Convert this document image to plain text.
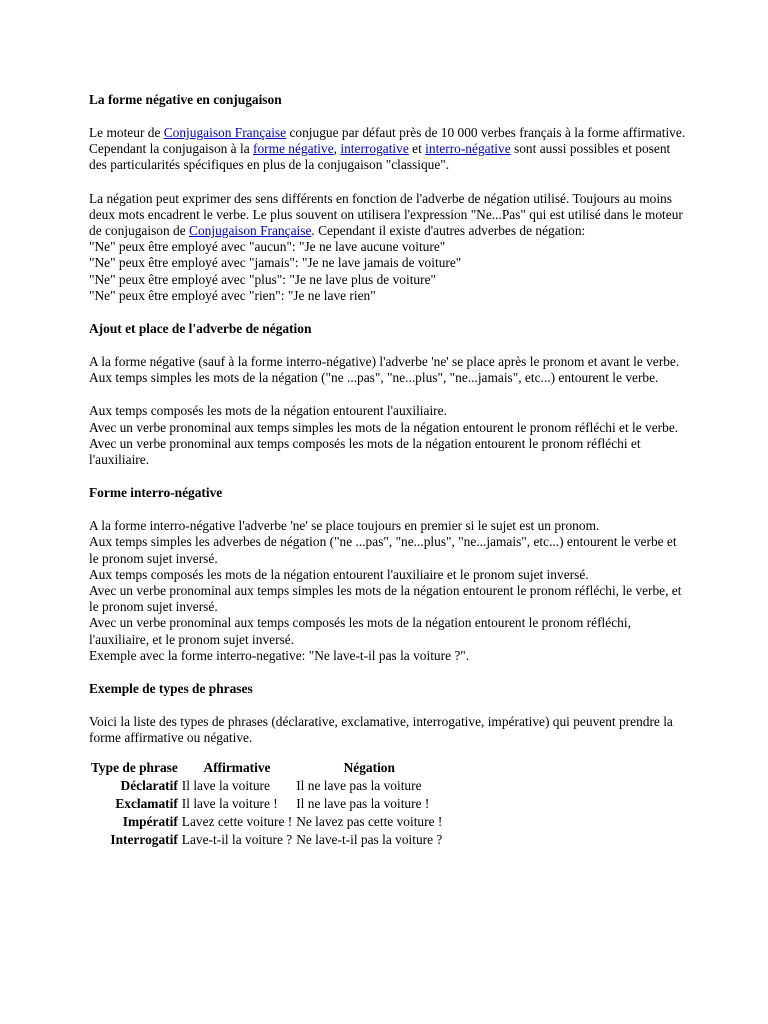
La forme négative en conjugaison

Le moteur de Conjugaison Française conjugue par défaut près de 10 000 verbes français à la forme affirmative. Cependant la conjugaison à la forme négative, interrogative et interro-négative sont aussi possibles et posent des particularités spécifiques en plus de la conjugaison "classique".

La négation peut exprimer des sens différents en fonction de l'adverbe de négation utilisé. Toujours au moins deux mots encadrent le verbe. Le plus souvent on utilisera l'expression "Ne...Pas" qui est utilisé dans le moteur de conjugaison de Conjugaison Française. Cependant il existe d'autres adverbes de négation:
"Ne" peux être employé avec "aucun": "Je ne lave aucune voiture"
"Ne" peux être employé avec "jamais": "Je ne lave jamais de voiture"
"Ne" peux être employé avec "plus": "Je ne lave plus de voiture"
"Ne" peux être employé avec "rien": "Je ne lave rien"

Ajout et place de l'adverbe de négation

A la forme négative (sauf à la forme interro-négative) l'adverbe 'ne' se place après le pronom et avant le verbe.
Aux temps simples les mots de la négation ("ne ...pas", "ne...plus", "ne...jamais", etc...) entourent le verbe.

Aux temps composés les mots de la négation entourent l'auxiliaire.
Avec un verbe pronominal aux temps simples les mots de la négation entourent le pronom réfléchi et le verbe.
Avec un verbe pronominal aux temps composés les mots de la négation entourent le pronom réfléchi et l'auxiliaire.

Forme interro-négative

A la forme interro-négative l'adverbe 'ne' se place toujours en premier si le sujet est un pronom.
Aux temps simples les adverbes de négation ("ne ...pas", "ne...plus", "ne...jamais", etc...) entourent le verbe et le pronom sujet inversé.
Aux temps composés les mots de la négation entourent l'auxiliaire et le pronom sujet inversé.
Avec un verbe pronominal aux temps simples les mots de la négation entourent le pronom réfléchi, le verbe, et le pronom sujet inversé.
Avec un verbe pronominal aux temps composés les mots de la négation entourent le pronom réfléchi, l'auxiliaire, et le pronom sujet inversé.
Exemple avec la forme interro-negative: "Ne lave-t-il pas la voiture ?".

Exemple de types de phrases

Voici la liste des types de phrases (déclarative, exclamative, interrogative, impérative) qui peuvent prendre la forme affirmative ou négative.

Type de phrase	Affirmative	Négation
Déclaratif	Il lave la voiture	Il ne lave pas la voiture
Exclamatif	Il lave la voiture !	Il ne lave pas la voiture !
Impératif	Lavez cette voiture !	Ne lavez pas cette voiture !
Interrogatif	Lave-t-il la voiture ?	Ne lave-t-il pas la voiture ?
